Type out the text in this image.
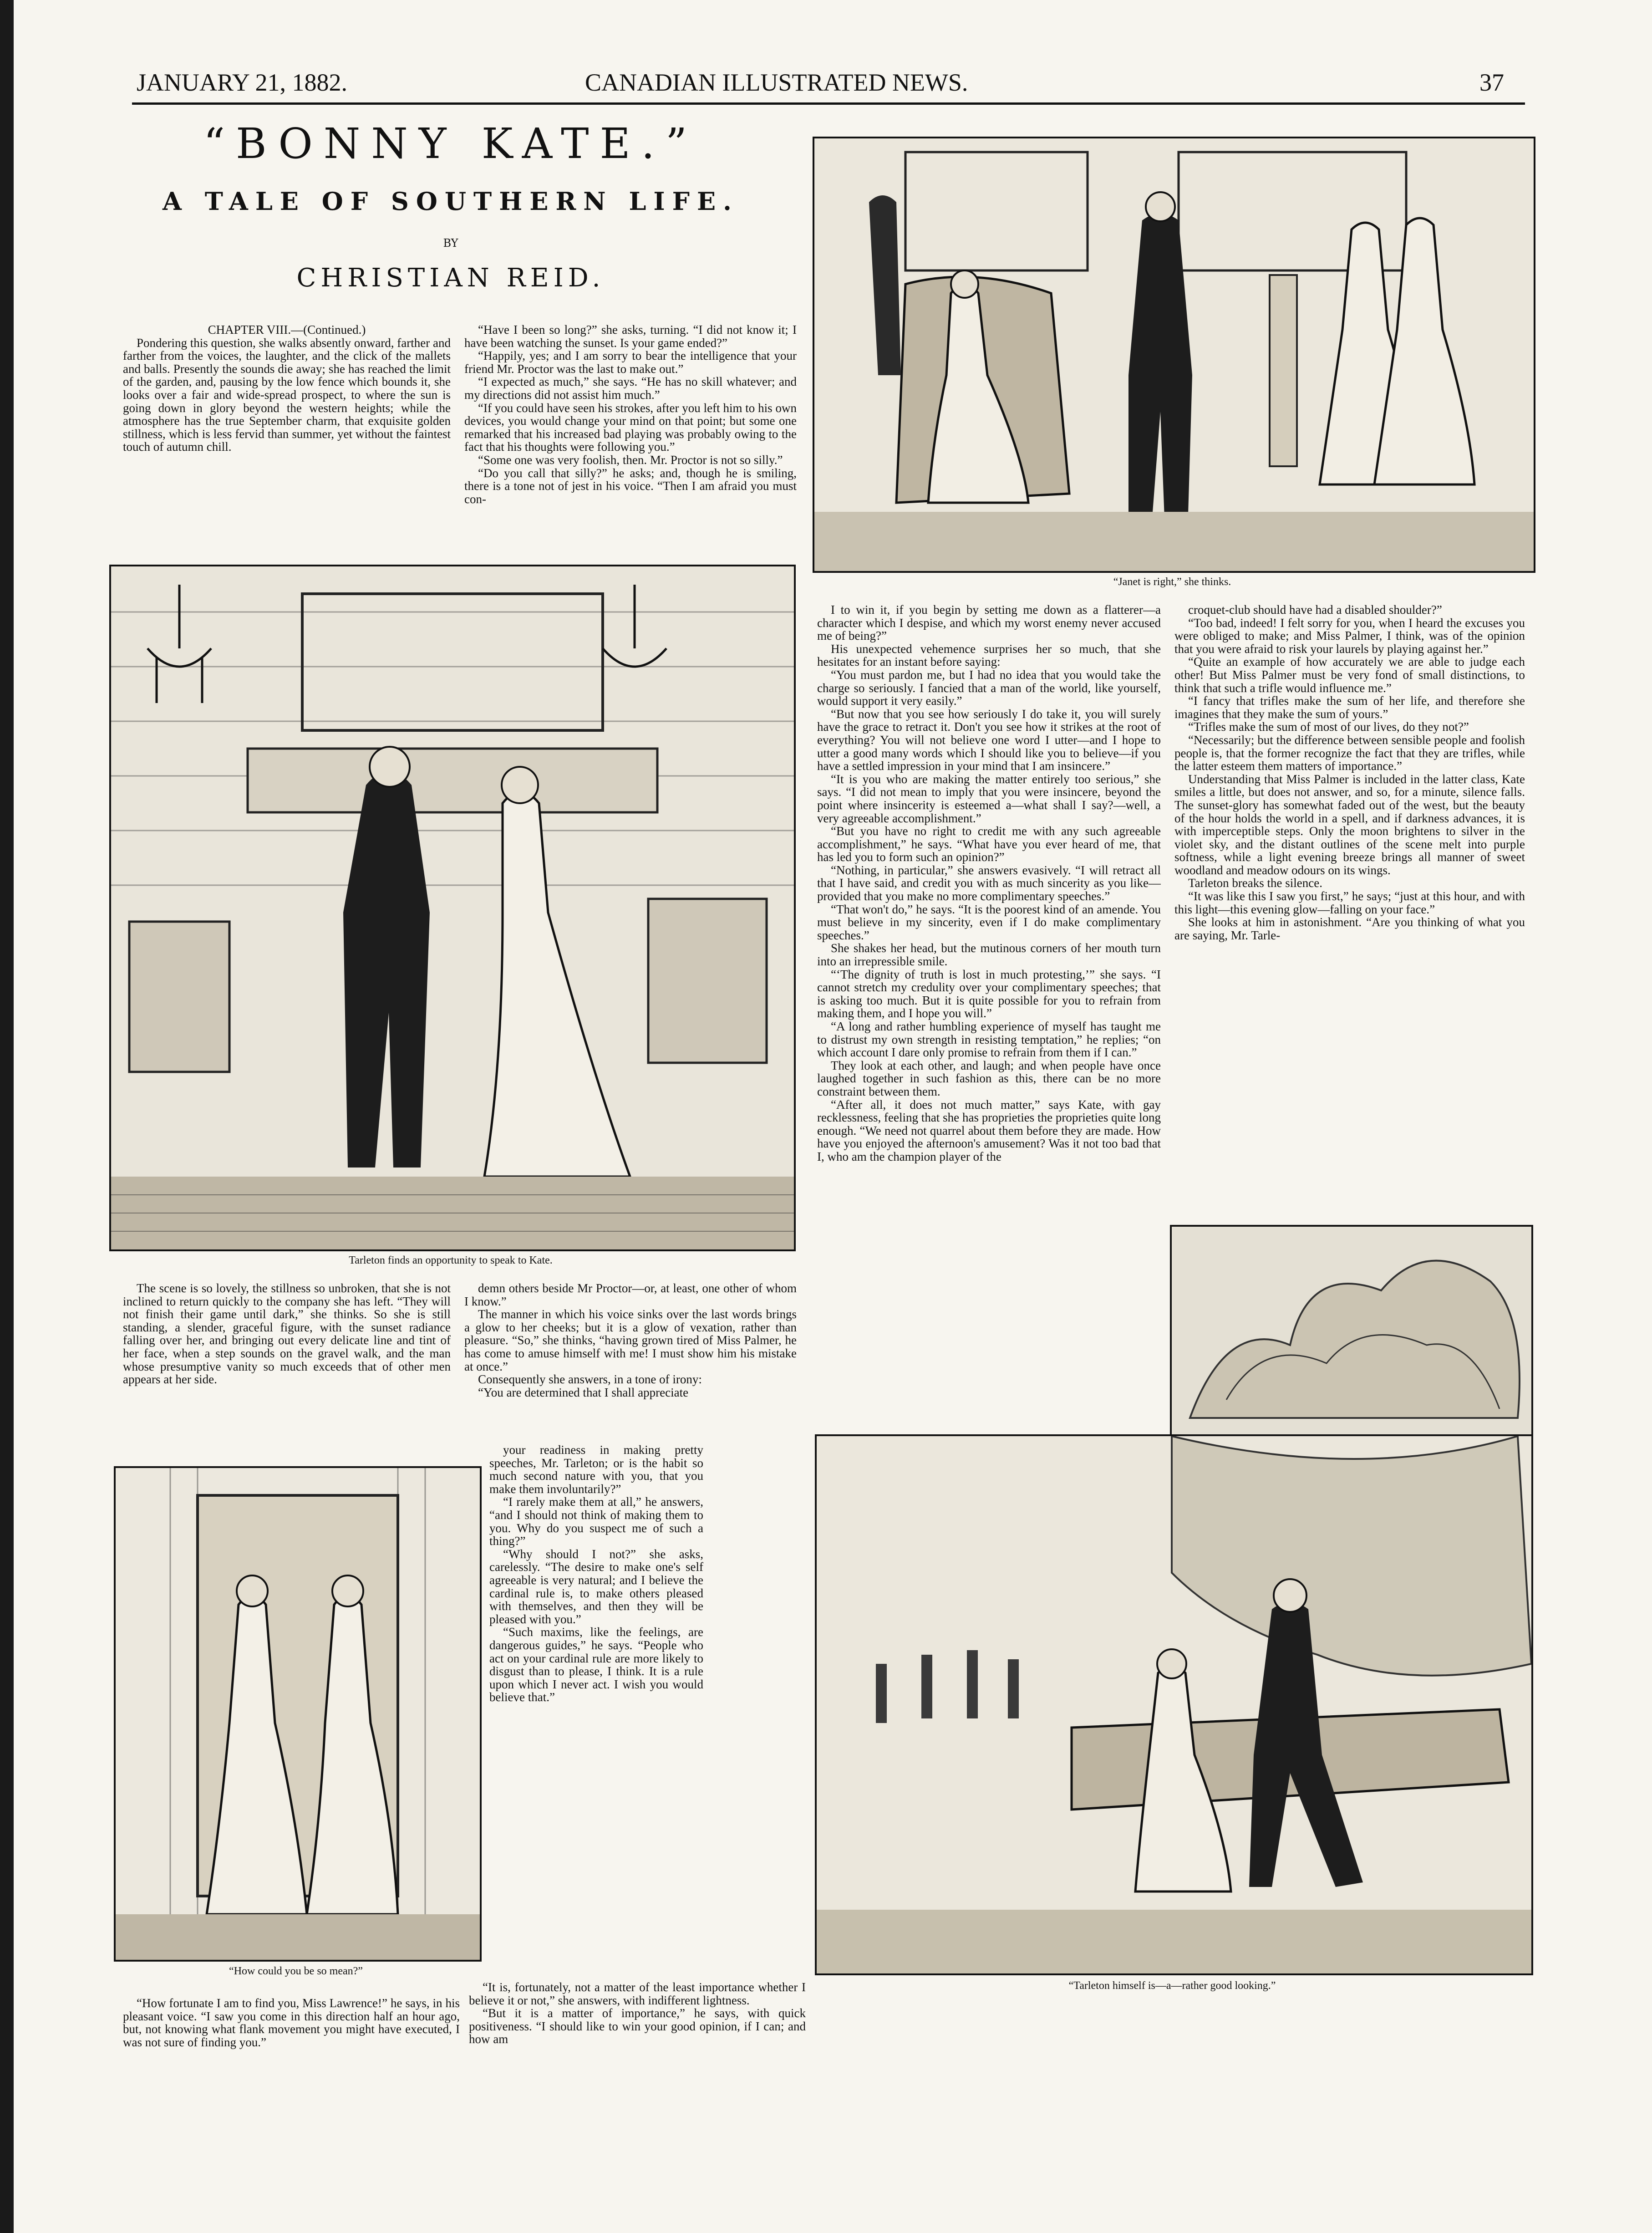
JANUARY 21, 1882.	CANADIAN ILLUSTRATED NEWS.	37
“BONNY KATE.”
A TALE OF SOUTHERN LIFE.
BY
CHRISTIAN REID.

CHAPTER VIII.—(Continued.)

Pondering this question, she walks absently onward, farther and farther from the voices, the laughter, and the click of the mallets and balls. Presently the sounds die away; she has reached the limit of the garden, and, pausing by the low fence which bounds it, she looks over a fair and wide-spread prospect, to where the sun is going down in glory beyond the western heights; while the atmosphere has the true September charm, that exquisite golden stillness, which is less fervid than summer, yet without the faintest touch of autumn chill.

“Have I been so long?” she asks, turning. “I did not know it; I have been watching the sunset. Is your game ended?”

“Happily, yes; and I am sorry to bear the intelligence that your friend Mr. Proctor was the last to make out.”

“I expected as much,” she says. “He has no skill whatever; and my directions did not assist him much.”

“If you could have seen his strokes, after you left him to his own devices, you would change your mind on that point; but some one remarked that his increased bad playing was probably owing to the fact that his thoughts were following you.”

“Some one was very foolish, then. Mr. Proctor is not so silly.”

“Do you call that silly?” he asks; and, though he is smiling, there is a tone not of jest in his voice. “Then I am afraid you must con-

Tarleton finds an opportunity to speak to Kate.

The scene is so lovely, the stillness so unbroken, that she is not inclined to return quickly to the company she has left. “They will not finish their game until dark,” she thinks. So she is still standing, a slender, graceful figure, with the sunset radiance falling over her, and bringing out every delicate line and tint of her face, when a step sounds on the gravel walk, and the man whose presumptive vanity so much exceeds that of other men appears at her side.

demn others beside Mr Proctor—or, at least, one other of whom I know.”

The manner in which his voice sinks over the last words brings a glow to her cheeks; but it is a glow of vexation, rather than pleasure. “So,” she thinks, “having grown tired of Miss Palmer, he has come to amuse himself with me! I must show him his mistake at once.”

Consequently she answers, in a tone of irony:

“You are determined that I shall appreciate

“How could you be so mean?”

your readiness in making pretty speeches, Mr. Tarleton; or is the habit so much second nature with you, that you make them involuntarily?”

“I rarely make them at all,” he answers, “and I should not think of making them to you. Why do you suspect me of such a thing?”

“Why should I not?” she asks, carelessly. “The desire to make one's self agreeable is very natural; and I believe the cardinal rule is, to make others pleased with themselves, and then they will be pleased with you.”

“Such maxims, like the feelings, are dangerous guides,” he says. “People who act on your cardinal rule are more likely to disgust than to please, I think. It is a rule upon which I never act. I wish you would believe that.”

“How fortunate I am to find you, Miss Lawrence!” he says, in his pleasant voice. “I saw you come in this direction half an hour ago, but, not knowing what flank movement you might have executed, I was not sure of finding you.”

“It is, fortunately, not a matter of the least importance whether I believe it or not,” she answers, with indifferent lightness.

“But it is a matter of importance,” he says, with quick positiveness. “I should like to win your good opinion, if I can; and how am

“Janet is right,” she thinks.

I to win it, if you begin by setting me down as a flatterer—a character which I despise, and which my worst enemy never accused me of being?”

His unexpected vehemence surprises her so much, that she hesitates for an instant before saying:

“You must pardon me, but I had no idea that you would take the charge so seriously. I fancied that a man of the world, like yourself, would support it very easily.”

“But now that you see how seriously I do take it, you will surely have the grace to retract it. Don't you see how it strikes at the root of everything? You will not believe one word I utter—and I hope to utter a good many words which I should like you to believe—if you have a settled impression in your mind that I am insincere.”

“It is you who are making the matter entirely too serious,” she says. “I did not mean to imply that you were insincere, beyond the point where insincerity is esteemed a—what shall I say?—well, a very agreeable accomplishment.”

“But you have no right to credit me with any such agreeable accomplishment,” he says. “What have you ever heard of me, that has led you to form such an opinion?”

“Nothing, in particular,” she answers evasively. “I will retract all that I have said, and credit you with as much sincerity as you like—provided that you make no more complimentary speeches.”

“That won't do,” he says. “It is the poorest kind of an amende. You must believe in my sincerity, even if I do make complimentary speeches.”

She shakes her head, but the mutinous corners of her mouth turn into an irrepressible smile.

“‘The dignity of truth is lost in much protesting,’” she says. “I cannot stretch my credulity over your complimentary speeches; that is asking too much. But it is quite possible for you to refrain from making them, and I hope you will.”

“A long and rather humbling experience of myself has taught me to distrust my own strength in resisting temptation,” he replies; “on which account I dare only promise to refrain from them if I can.”

They look at each other, and laugh; and when people have once laughed together in such fashion as this, there can be no more constraint between them.

“After all, it does not much matter,” says Kate, with gay recklessness, feeling that she has proprieties the proprieties quite long enough. “We need not quarrel about them before they are made. How have you enjoyed the afternoon's amusement? Was it not too bad that I, who am the champion player of the

croquet-club should have had a disabled shoulder?”

“Too bad, indeed! I felt sorry for you, when I heard the excuses you were obliged to make; and Miss Palmer, I think, was of the opinion that you were afraid to risk your laurels by playing against her.”

“Quite an example of how accurately we are able to judge each other! But Miss Palmer must be very fond of small distinctions, to think that such a trifle would influence me.”

“I fancy that trifles make the sum of her life, and therefore she imagines that they make the sum of yours.”

“Trifles make the sum of most of our lives, do they not?”

“Necessarily; but the difference between sensible people and foolish people is, that the former recognize the fact that they are trifles, while the latter esteem them matters of importance.”

Understanding that Miss Palmer is included in the latter class, Kate smiles a little, but does not answer, and so, for a minute, silence falls. The sunset-glory has somewhat faded out of the west, but the beauty of the hour holds the world in a spell, and if darkness advances, it is with imperceptible steps. Only the moon brightens to silver in the violet sky, and the distant outlines of the scene melt into purple softness, while a light evening breeze brings all manner of sweet woodland and meadow odours on its wings.

Tarleton breaks the silence.

“It was like this I saw you first,” he says; “just at this hour, and with this light—this evening glow—falling on your face.”

She looks at him in astonishment. “Are you thinking of what you are saying, Mr. Tarle-

“Tarleton himself is—a—rather good looking.”
